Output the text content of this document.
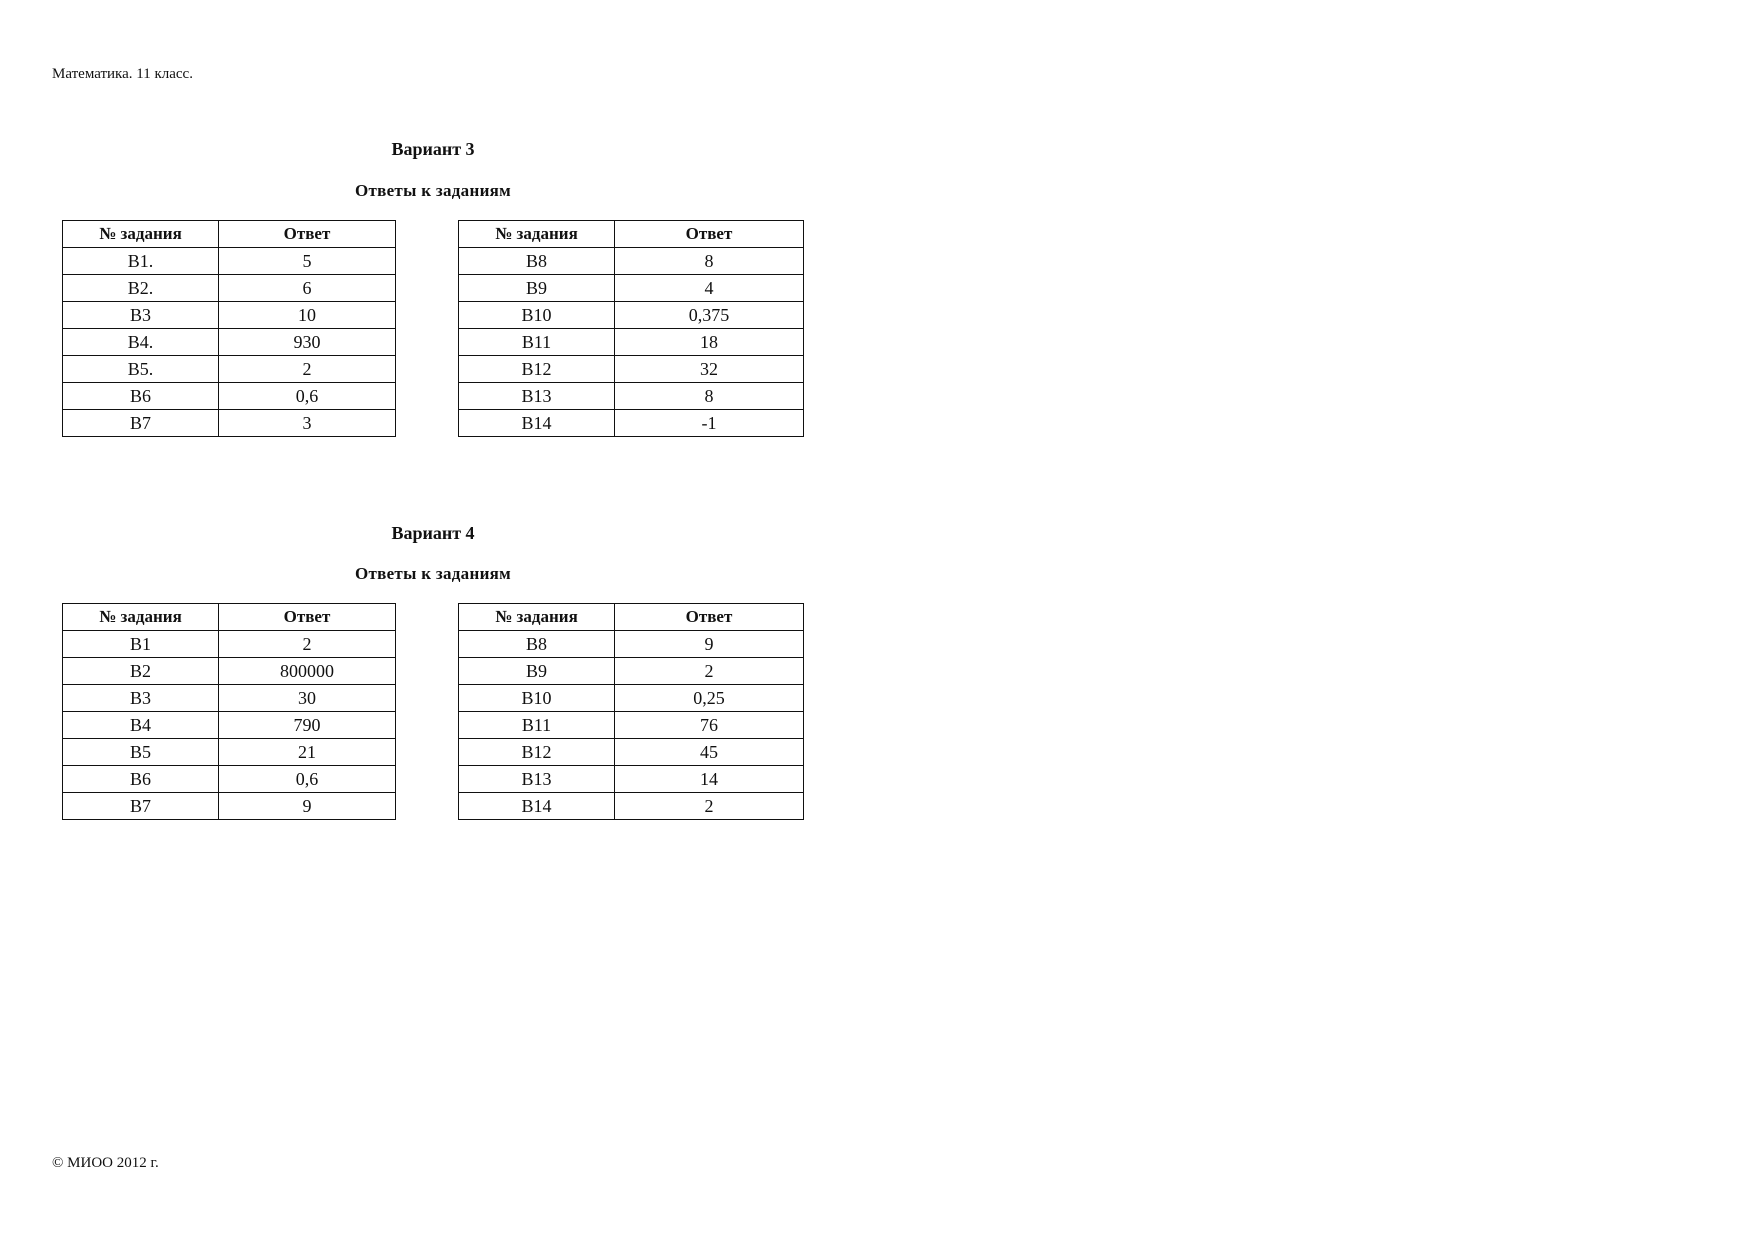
Математика. 11 класс.
Вариант 3
Ответы к заданиям
№ задания	Ответ
B1.	5
B2.	6
B3	10
B4.	930
B5.	2
B6	0,6
B7	3
№ задания	Ответ
B8	8
B9	4
B10	0,375
B11	18
B12	32
B13	8
B14	-1
Вариант 4
Ответы к заданиям
№ задания	Ответ
B1	2
B2	800000
B3	30
B4	790
B5	21
B6	0,6
B7	9
№ задания	Ответ
B8	9
B9	2
B10	0,25
B11	76
B12	45
B13	14
B14	2
© МИОО 2012 г.
